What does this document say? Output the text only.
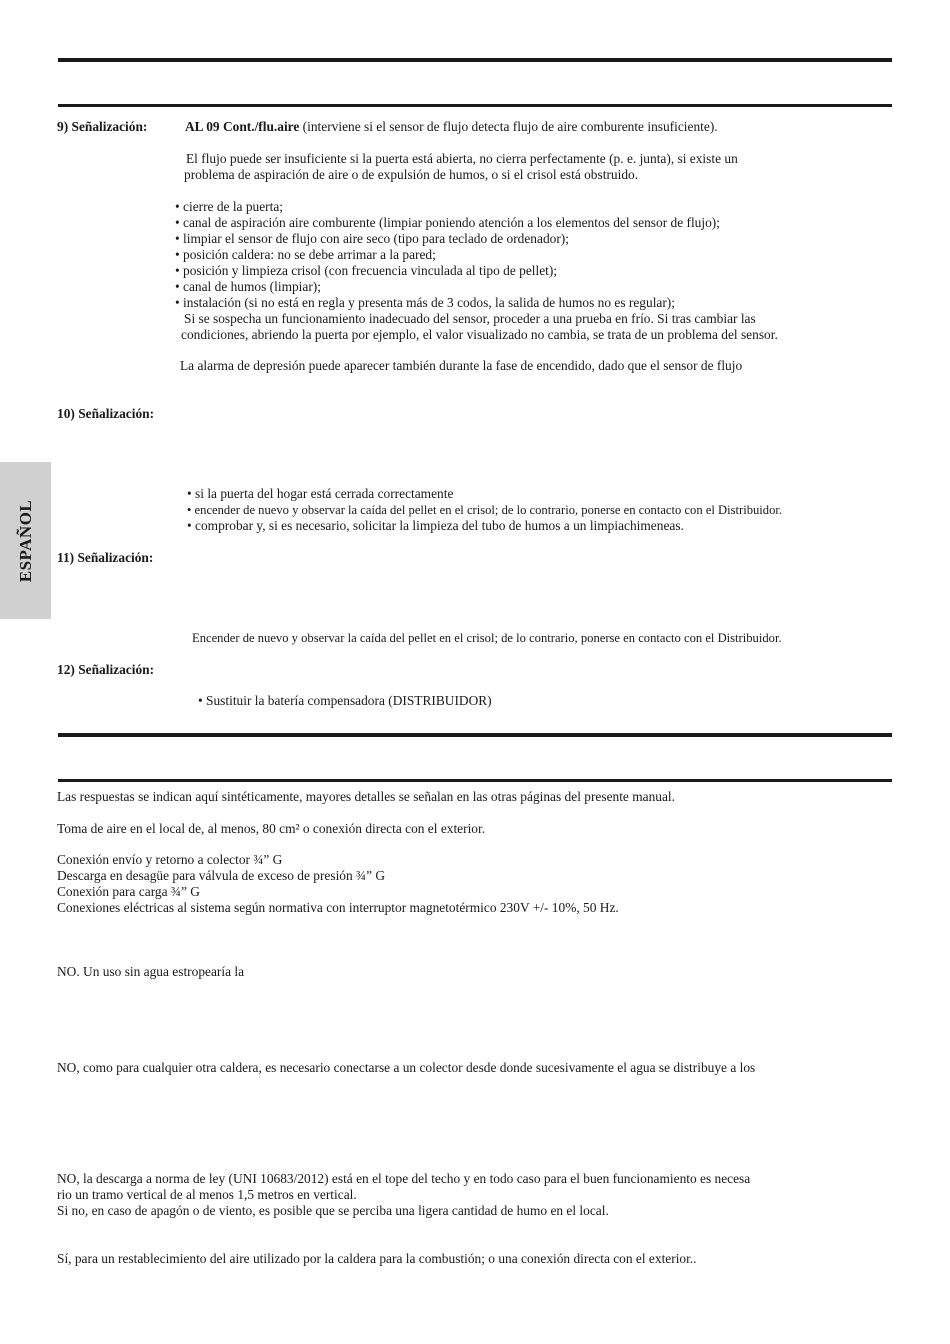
ESPAÑOL
9) Señalización:	AL 09 Cont./flu.aire (interviene si el sensor de flujo detecta flujo de aire comburente insuficiente).
El flujo puede ser insuficiente si la puerta está abierta, no cierra perfectamente (p. e. junta), si existe un
problema de aspiración de aire o de expulsión de humos, o si el crisol está obstruido.
• cierre de la puerta;
• canal de aspiración aire comburente (limpiar poniendo atención a los elementos del sensor de flujo);
• limpiar el sensor de flujo con aire seco (tipo para teclado de ordenador);
• posición caldera: no se debe arrimar a la pared;
• posición y limpieza crisol (con frecuencia vinculada al tipo de pellet);
• canal de humos (limpiar);
• instalación (si no está en regla y presenta más de 3 codos, la salida de humos no es regular);
Si se sospecha un funcionamiento inadecuado del sensor, proceder a una prueba en frío. Si tras cambiar las
condiciones, abriendo la puerta por ejemplo, el valor visualizado no cambia, se trata de un problema del sensor.
La alarma de depresión puede aparecer también durante la fase de encendido, dado que el sensor de flujo
10) Señalización:
• si la puerta del hogar está cerrada correctamente
• encender de nuevo y observar la caída del pellet en el crisol; de lo contrario, ponerse en contacto con el Distribuidor.
• comprobar y, si es necesario, solicitar la limpieza del tubo de humos a un limpiachimeneas.
11) Señalización:
Encender de nuevo y observar la caída del pellet en el crisol; de lo contrario, ponerse en contacto con el Distribuidor.
12) Señalización:
• Sustituir la batería compensadora (DISTRIBUIDOR)
Las respuestas se indican aquí sintéticamente, mayores detalles se señalan en las otras páginas del presente manual.
Toma de aire en el local de, al menos, 80 cm² o conexión directa con el exterior.
Conexión envío y retorno a colector ¾” G
Descarga en desagüe para válvula de exceso de presión ¾” G
Conexión para carga ¾” G
Conexiones eléctricas al sistema según normativa con interruptor magnetotérmico 230V +/- 10%, 50 Hz.
NO. Un uso sin agua estropearía la
NO, como para cualquier otra caldera, es necesario conectarse a un colector desde donde sucesivamente el agua se distribuye a los
NO, la descarga a norma de ley (UNI 10683/2012) está en el tope del techo y en todo caso para el buen funcionamiento es necesa
rio un tramo vertical de al menos 1,5 metros en vertical.
Si no, en caso de apagón o de viento, es posible que se perciba una ligera cantidad de humo en el local.
Sí, para un restablecimiento del aire utilizado por la caldera para la combustión; o una conexión directa con el exterior..
